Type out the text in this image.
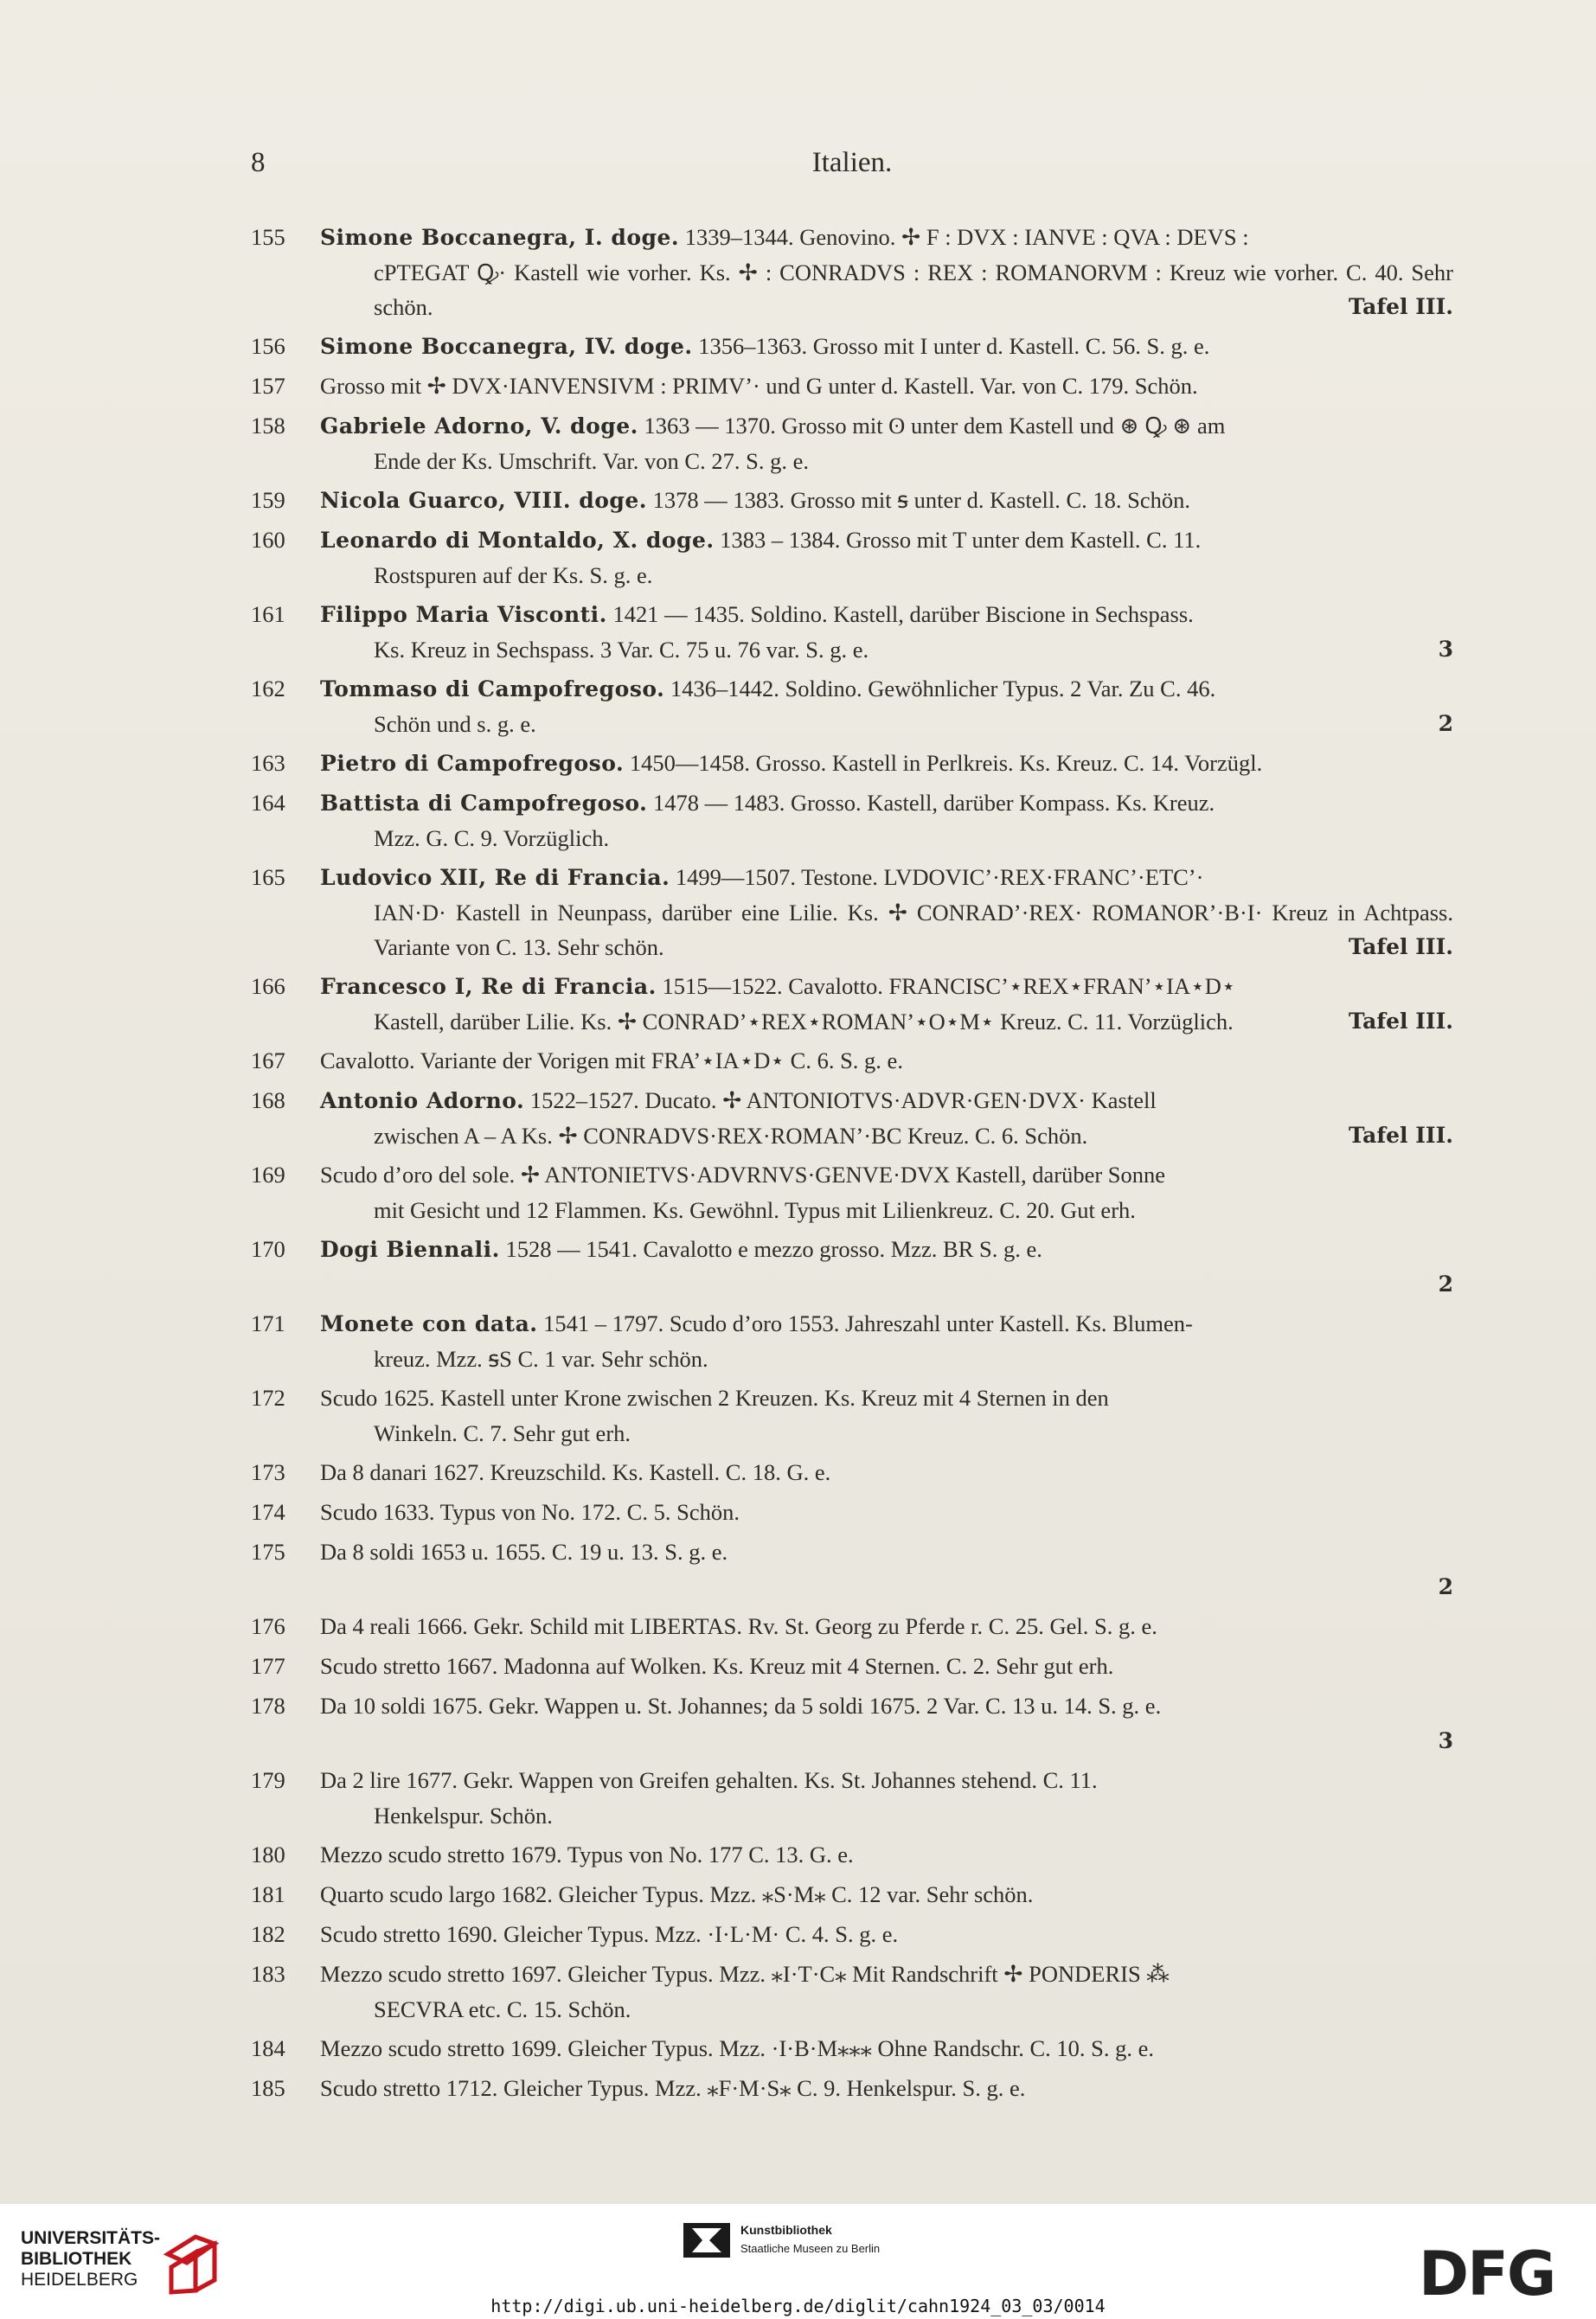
8	Italien.
155	Simone Boccanegra, I. doge. 1339–1344. Genovino. ✢ F : DVX : IANVE : QVA : DEVS :
cPTEGAT Ꝙ· Kastell wie vorher. Ks. ✢ : CONRADVS : REX : ROMANORVM : Kreuz wie vorher. C. 40. Sehr schön.	Tafel III.
156	Simone Boccanegra, IV. doge. 1356–1363. Grosso mit I unter d. Kastell. C. 56. S. g. e.
157	Grosso mit ✢ DVX·IANVENSIVM : PRIMV’· und G unter d. Kastell. Var. von C. 179. Schön.
158	Gabriele Adorno, V. doge. 1363 — 1370. Grosso mit ʘ unter dem Kastell und ⊛ Ꝙ ⊛ am
Ende der Ks. Umschrift. Var. von C. 27. S. g. e.
159	Nicola Guarco, VIII. doge. 1378 — 1383. Grosso mit ꟊ unter d. Kastell. C. 18. Schön.
160	Leonardo di Montaldo, X. doge. 1383 – 1384. Grosso mit T unter dem Kastell. C. 11.
Rostspuren auf der Ks. S. g. e.
161	Filippo Maria Visconti. 1421 — 1435. Soldino. Kastell, darüber Biscione in Sechspass.
Ks. Kreuz in Sechspass. 3 Var. C. 75 u. 76 var. S. g. e.	3
162	Tommaso di Campofregoso. 1436–1442. Soldino. Gewöhnlicher Typus. 2 Var. Zu C. 46.
Schön und s. g. e.	2
163	Pietro di Campofregoso. 1450—1458. Grosso. Kastell in Perlkreis. Ks. Kreuz. C. 14. Vorzügl.
164	Battista di Campofregoso. 1478 — 1483. Grosso. Kastell, darüber Kompass. Ks. Kreuz.
Mzz. G. C. 9. Vorzüglich.
165	Ludovico XII, Re di Francia. 1499—1507. Testone. LVDOVIC’·REX·FRANC’·ETC’·
IAN·D· Kastell in Neunpass, darüber eine Lilie. Ks. ✢ CONRAD’·REX· ROMANOR’·B·I· Kreuz in Achtpass. Variante von C. 13. Sehr schön.	Tafel III.
166	Francesco I, Re di Francia. 1515—1522. Cavalotto. FRANCISC’⋆REX⋆FRAN’⋆IA⋆D⋆
Kastell, darüber Lilie. Ks. ✢ CONRAD’⋆REX⋆ROMAN’⋆O⋆M⋆ Kreuz. C. 11. Vorzüglich.	Tafel III.
167	Cavalotto. Variante der Vorigen mit FRA’⋆IA⋆D⋆ C. 6. S. g. e.
168	Antonio Adorno. 1522–1527. Ducato. ✢ ANTONIOTVS·ADVR·GEN·DVX· Kastell
zwischen A – A Ks. ✢ CONRADVS·REX·ROMAN’·BC Kreuz. C. 6. Schön.	Tafel III.
169	Scudo d’oro del sole. ✢ ANTONIETVS·ADVRNVS·GENVE·DVX Kastell, darüber Sonne
mit Gesicht und 12 Flammen. Ks. Gewöhnl. Typus mit Lilienkreuz. C. 20. Gut erh.
170	Dogi Biennali. 1528 — 1541. Cavalotto e mezzo grosso. Mzz. BR S. g. e.
2
171	Monete con data. 1541 – 1797. Scudo d’oro 1553. Jahreszahl unter Kastell. Ks. Blumen-
kreuz. Mzz. ꟊS C. 1 var. Sehr schön.
172	Scudo 1625. Kastell unter Krone zwischen 2 Kreuzen. Ks. Kreuz mit 4 Sternen in den
Winkeln. C. 7. Sehr gut erh.
173	Da 8 danari 1627. Kreuzschild. Ks. Kastell. C. 18. G. e.
174	Scudo 1633. Typus von No. 172. C. 5. Schön.
175	Da 8 soldi 1653 u. 1655. C. 19 u. 13. S. g. e.
2
176	Da 4 reali 1666. Gekr. Schild mit LIBERTAS. Rv. St. Georg zu Pferde r. C. 25. Gel. S. g. e.
177	Scudo stretto 1667. Madonna auf Wolken. Ks. Kreuz mit 4 Sternen. C. 2. Sehr gut erh.
178	Da 10 soldi 1675. Gekr. Wappen u. St. Johannes; da 5 soldi 1675. 2 Var. C. 13 u. 14. S. g. e.
3
179	Da 2 lire 1677. Gekr. Wappen von Greifen gehalten. Ks. St. Johannes stehend. C. 11.
Henkelspur. Schön.
180	Mezzo scudo stretto 1679. Typus von No. 177 C. 13. G. e.
181	Quarto scudo largo 1682. Gleicher Typus. Mzz. ⁎S·M⁎ C. 12 var. Sehr schön.
182	Scudo stretto 1690. Gleicher Typus. Mzz. ·I·L·M· C. 4. S. g. e.
183	Mezzo scudo stretto 1697. Gleicher Typus. Mzz. ⁎I·T·C⁎ Mit Randschrift ✢ PONDERIS ⁂
SECVRA etc. C. 15. Schön.
184	Mezzo scudo stretto 1699. Gleicher Typus. Mzz. ·I·B·M⁎⁎⁎ Ohne Randschr. C. 10. S. g. e.
185	Scudo stretto 1712. Gleicher Typus. Mzz. ⁎F·M·S⁎ C. 9. Henkelspur. S. g. e.
UNIVERSITÄTS-
BIBLIOTHEK
HEIDELBERG
Kunstbibliothek
Staatliche Museen zu Berlin	DFG
http://digi.ub.uni-heidelberg.de/diglit/cahn1924_03_03/0014
